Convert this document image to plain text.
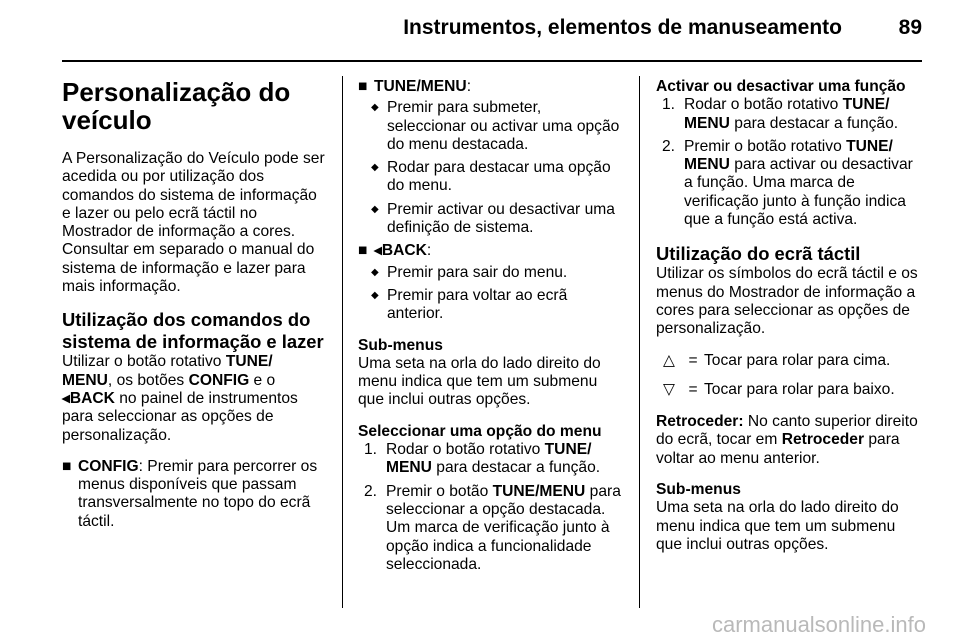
Instrumentos, elementos de manuseamento	89
Personalização do veículo

A Personalização do Veículo pode ser acedida ou por utilização dos comandos do sistema de informação e lazer ou pelo ecrã táctil no Mostrador de informação a cores. Consultar em separado o manual do sistema de informação e lazer para mais informação.

Utilização dos comandos do sistema de informação e lazer

Utilizar o botão rotativo TUNE/ MENU, os botões CONFIG e o ◂BACK no painel de instrumentos para seleccionar as opções de personalização.

■ CONFIG: Premir para percorrer os menus disponíveis que passam transversalmente no topo do ecrã táctil.
■ TUNE/MENU:
◆ Premir para submeter, seleccionar ou activar uma opção do menu destacada.
◆ Rodar para destacar uma opção do menu.
◆ Premir activar ou desactivar uma definição de sistema.
■ ◂BACK:
◆ Premir para sair do menu.
◆ Premir para voltar ao ecrã anterior.
Sub-menus

Uma seta na orla do lado direito do menu indica que tem um submenu que inclui outras opções.

Seleccionar uma opção do menu
1. Rodar o botão rotativo TUNE/ MENU para destacar a função.
2. Premir o botão TUNE/MENU para seleccionar a opção destacada. Um marca de verificação junto à opção indica a funcionalidade seleccionada.
Activar ou desactivar uma função
1. Rodar o botão rotativo TUNE/ MENU para destacar a função.
2. Premir o botão rotativo TUNE/ MENU para activar ou desactivar a função. Uma marca de verificação junto à função indica que a função está activa.
Utilização do ecrã táctil

Utilizar os símbolos do ecrã táctil e os menus do Mostrador de informação a cores para seleccionar as opções de personalização.

△ = Tocar para rolar para cima.
▽ = Tocar para rolar para baixo.

Retroceder: No canto superior direito do ecrã, tocar em Retroceder para voltar ao menu anterior.

Sub-menus

Uma seta na orla do lado direito do menu indica que tem um submenu que inclui outras opções.

carmanualsonline.info
